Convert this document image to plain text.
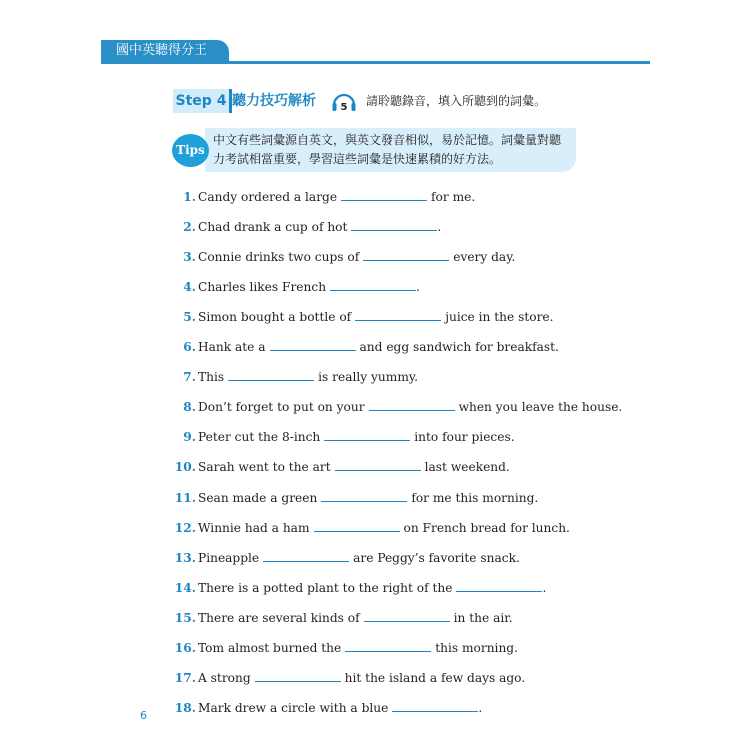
國中英聽得分王
Step 4 聽力技巧解析 5 請聆聽錄音，填入所聽到的詞彙。
Tips
中文有些詞彙源自英文，與英文發音相似，易於記憶。詞彙量對聽
力考試相當重要，學習這些詞彙是快速累積的好方法。
1. Candy ordered a large	for me.
2. Chad drank a cup of hot	.
3. Connie drinks two cups of	every day.
4. Charles likes French	.
5. Simon bought a bottle of	juice in the store.
6. Hank ate a	and egg sandwich for breakfast.
7. This	is really yummy.
8. Don’t forget to put on your	when you leave the house.
9. Peter cut the 8-inch	into four pieces.
10. Sarah went to the art	last weekend.
11. Sean made a green	for me this morning.
12. Winnie had a ham	on French bread for lunch.
13. Pineapple	are Peggy’s favorite snack.
14. There is a potted plant to the right of the	.
15. There are several kinds of	in the air.
16. Tom almost burned the	this morning.
17. A strong	hit the island a few days ago.
18. Mark drew a circle with a blue	.
6
